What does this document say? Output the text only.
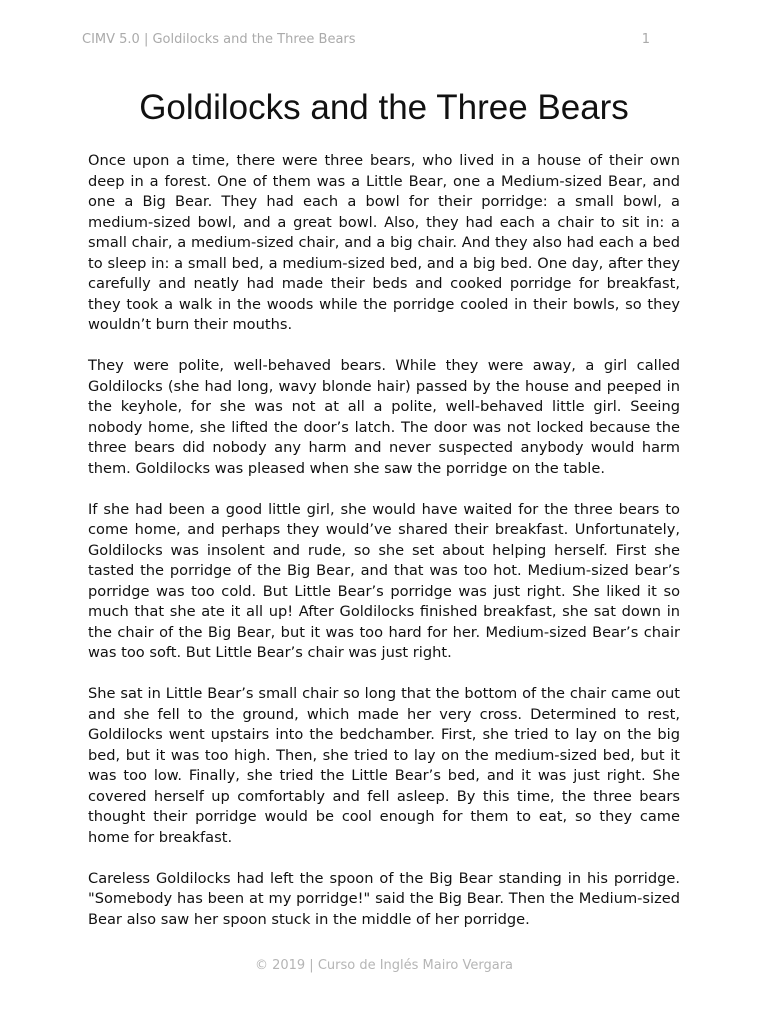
CIMV 5.0 | Goldilocks and the Three Bears	1
Goldilocks and the Three Bears

Once upon a time, there were three bears, who lived in a house of their own deep in a forest. One of them was a Little Bear, one a Medium-sized Bear, and one a Big Bear. They had each a bowl for their porridge: a small bowl, a medium-sized bowl, and a great bowl. Also, they had each a chair to sit in: a small chair, a medium-sized chair, and a big chair. And they also had each a bed to sleep in: a small bed, a medium-sized bed, and a big bed. One day, after they carefully and neatly had made their beds and cooked porridge for breakfast, they took a walk in the woods while the porridge cooled in their bowls, so they wouldn’t burn their mouths.

They were polite, well-behaved bears. While they were away, a girl called Goldilocks (she had long, wavy blonde hair) passed by the house and peeped in the keyhole, for she was not at all a polite, well-behaved little girl. Seeing nobody home, she lifted the door’s latch. The door was not locked because the three bears did nobody any harm and never suspected anybody would harm them. Goldilocks was pleased when she saw the porridge on the table.

If she had been a good little girl, she would have waited for the three bears to come home, and perhaps they would’ve shared their breakfast. Unfortunately, Goldilocks was insolent and rude, so she set about helping herself. First she tasted the porridge of the Big Bear, and that was too hot. Medium-sized bear’s porridge was too cold. But Little Bear’s porridge was just right. She liked it so much that she ate it all up! After Goldilocks finished breakfast, she sat down in the chair of the Big Bear, but it was too hard for her. Medium-sized Bear’s chair was too soft. But Little Bear’s chair was just right.

She sat in Little Bear’s small chair so long that the bottom of the chair came out and she fell to the ground, which made her very cross. Determined to rest, Goldilocks went upstairs into the bedchamber. First, she tried to lay on the big bed, but it was too high. Then, she tried to lay on the medium-sized bed, but it was too low. Finally, she tried the Little Bear’s bed, and it was just right. She covered herself up comfortably and fell asleep. By this time, the three bears thought their porridge would be cool enough for them to eat, so they came home for breakfast.

Careless Goldilocks had left the spoon of the Big Bear standing in his porridge. "Somebody has been at my porridge!" said the Big Bear. Then the Medium-sized Bear also saw her spoon stuck in the middle of her porridge.

© 2019 | Curso de Inglés Mairo Vergara
